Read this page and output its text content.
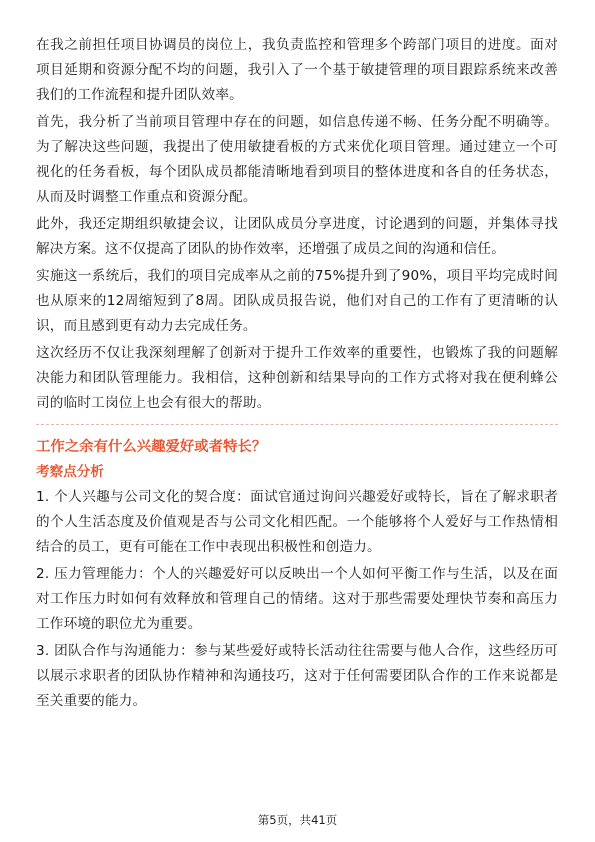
在我之前担任项目协调员的岗位上，我负责监控和管理多个跨部门项目的进度。面对项目延期和资源分配不均的问题，我引入了一个基于敏捷管理的项目跟踪系统来改善我们的工作流程和提升团队效率。

首先，我分析了当前项目管理中存在的问题，如信息传递不畅、任务分配不明确等。为了解决这些问题，我提出了使用敏捷看板的方式来优化项目管理。通过建立一个可视化的任务看板，每个团队成员都能清晰地看到项目的整体进度和各自的任务状态，从而及时调整工作重点和资源分配。

此外，我还定期组织敏捷会议，让团队成员分享进度，讨论遇到的问题，并集体寻找解决方案。这不仅提高了团队的协作效率，还增强了成员之间的沟通和信任。

实施这一系统后，我们的项目完成率从之前的75%提升到了90%，项目平均完成时间也从原来的12周缩短到了8周。团队成员报告说，他们对自己的工作有了更清晰的认识，而且感到更有动力去完成任务。

这次经历不仅让我深刻理解了创新对于提升工作效率的重要性，也锻炼了我的问题解决能力和团队管理能力。我相信，这种创新和结果导向的工作方式将对我在便利蜂公司的临时工岗位上也会有很大的帮助。

工作之余有什么兴趣爱好或者特长？
考察点分析

1. 个人兴趣与公司文化的契合度：面试官通过询问兴趣爱好或特长，旨在了解求职者的个人生活态度及价值观是否与公司文化相匹配。一个能够将个人爱好与工作热情相结合的员工，更有可能在工作中表现出积极性和创造力。

2. 压力管理能力：个人的兴趣爱好可以反映出一个人如何平衡工作与生活，以及在面对工作压力时如何有效释放和管理自己的情绪。这对于那些需要处理快节奏和高压力工作环境的职位尤为重要。

3. 团队合作与沟通能力：参与某些爱好或特长活动往往需要与他人合作，这些经历可以展示求职者的团队协作精神和沟通技巧，这对于任何需要团队合作的工作来说都是至关重要的能力。

第5页，共41页
